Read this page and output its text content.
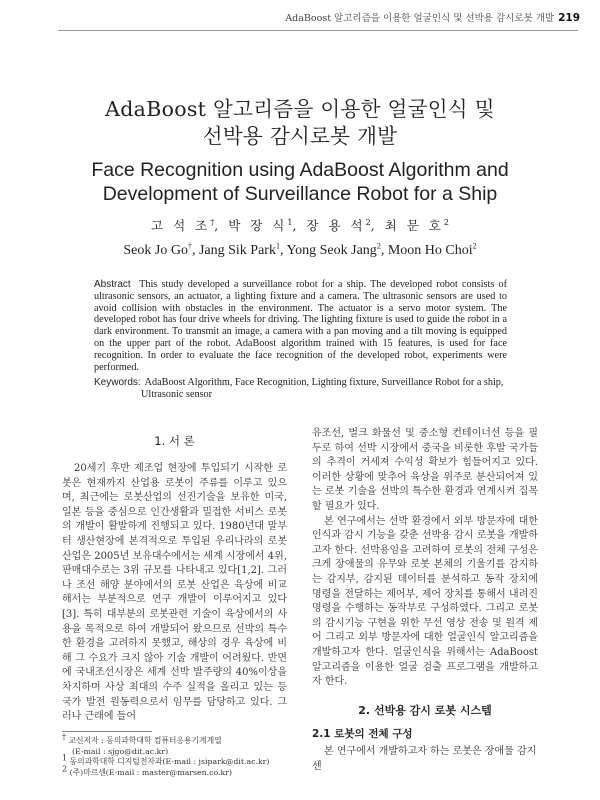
AdaBoost 알고리즘을 이용한 얼굴인식 및 선박용 감시로봇 개발 219
AdaBoost 알고리즘을 이용한 얼굴인식 및
선박용 감시로봇 개발
Face Recognition using AdaBoost Algorithm and
Development of Surveillance Robot for a Ship
고 석 조†, 박 장 식$^1$, 장 용 석$^2$, 최 문 호$^2$
Seok Jo Go†, Jang Sik Park$^1$, Yong Seok Jang$^2$, Moon Ho Choi$^2$
Abstract This study developed a surveillance robot for a ship. The developed robot consists of ultrasonic sensors, an actuator, a lighting fixture and a camera. The ultrasonic sensors are used to avoid collision with obstacles in the environment. The actuator is a servo motor system. The developed robot has four drive wheels for driving. The lighting fixture is used to guide the robot in a dark environment. To transmit an image, a camera with a pan moving and a tilt moving is equipped on the upper part of the robot. AdaBoost algorithm trained with 15 features, is used for face recognition. In order to evaluate the face recognition of the developed robot, experiments were performed.
Keywords: AdaBoost Algorithm, Face Recognition, Lighting fixture, Surveillance Robot for a ship,
Ultrasonic sensor
1. 서 론

20세기 후반 제조업 현장에 투입되기 시작한 로봇은 현재까지 산업용 로봇이 주류를 이루고 있으며, 최근에는 로봇산업의 선진기술을 보유한 미국, 일본 등을 중심으로 인간생활과 밀접한 서비스 로봇의 개발이 활발하게 진행되고 있다. 1980년대 말부터 생산현장에 본격적으로 투입된 우리나라의 로봇산업은 2005년 보유대수에서는 세계 시장에서 4위, 판매대수로는 3위 규모를 나타내고 있다[1,2]. 그러나 조선 해양 분야에서의 로봇 산업은 육상에 비교해서는 부분적으로 연구 개발이 이루어지고 있다[3]. 특히 대부분의 로봇관련 기술이 육상에서의 사용을 목적으로 하여 개발되어 왔으므로 선박의 특수한 환경을 고려하지 못했고, 해상의 경우 육상에 비해 그 수요가 크지 않아 기술 개발이 어려웠다. 반면에 국내조선시장은 세계 선박 발주량의 40%이상을 차지하며 사상 최대의 수주 실적을 올리고 있는 등 국가 발전 원동력으로서 임무를 담당하고 있다. 그러나 근래에 들어

유조선, 벌크 화물선 및 중소형 컨테이너선 등을 필두로 하여 선박 시장에서 중국을 비롯한 후발 국가들의 추격이 거세져 수익성 확보가 힘들어지고 있다. 이러한 상황에 맞추어 육상을 위주로 분산되어져 있는 로봇 기술을 선박의 특수한 환경과 연계시켜 집목할 필요가 있다.

본 연구에서는 선박 환경에서 외부 방문자에 대한 인식과 감시 기능을 갖춘 선박용 감시 로봇을 개발하고자 한다. 선박용임을 고려하여 로봇의 전체 구성은 크게 장애물의 유무와 로봇 본체의 기울기를 감지하는 감지부, 감지된 데이터를 분석하고 동작 장치에 명령을 전달하는 제어부, 제어 장치를 통해서 내려진 명령을 수행하는 동작부로 구성하였다. 그리고 로봇의 감시기능 구현을 위한 무선 영상 전송 및 원격 제어 그리고 외부 방문자에 대한 얼굴인식 알고리즘을 개발하고자 한다. 얼굴인식을 위해서는 AdaBoost 알고리즘을 이용한 얼굴 검출 프로그램을 개발하고자 한다.

2. 선박용 감시 로봇 시스템
2.1 로봇의 전체 구성
본 연구에서 개발하고자 하는 로봇은 장애물 감지 센
† 교신저자 : 동의과학대학 컴퓨터응용기계계열
(E-mail : sjgo@dit.ac.kr)
$^1$ 동의과학대학 디지털전자과(E-mail : jsipark@dit.ac.kr)
$^2$ (주)마르센(E-mail : master@marsen.co.kr)
